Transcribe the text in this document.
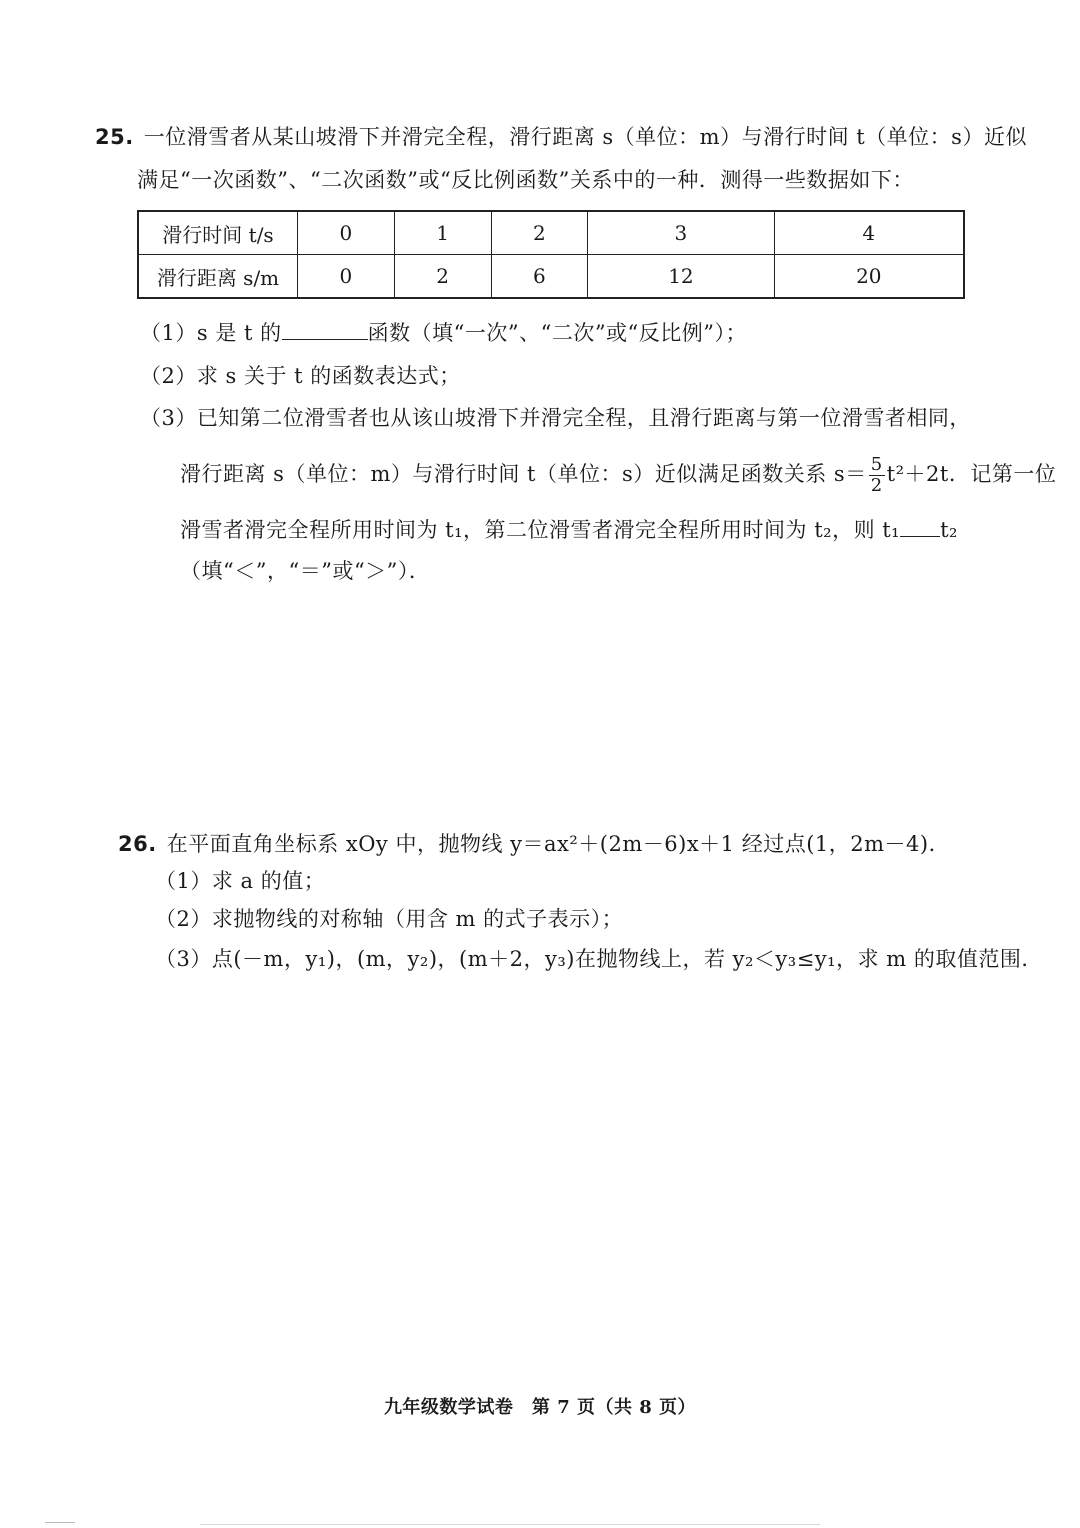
25. 一位滑雪者从某山坡滑下并滑完全程，滑行距离 s（单位：m）与滑行时间 t（单位：s）近似
满足“一次函数”、“二次函数”或“反比例函数”关系中的一种．测得一些数据如下：
滑行时间 t/s	0	1	2	3	4
滑行距离 s/m	0	2	6	12	20
（1）s 是 t 的	函数（填“一次”、“二次”或“反比例”）；
（2）求 s 关于 t 的函数表达式；
（3）已知第二位滑雪者也从该山坡滑下并滑完全程，且滑行距离与第一位滑雪者相同，
滑行距离 s（单位：m）与滑行时间 t（单位：s）近似满足函数关系 $s= \frac{5}{2} t^2+2t$．记第一位
滑雪者滑完全程所用时间为 t₁，第二位滑雪者滑完全程所用时间为 t₂，则 t₁ t₂
（填“＜”，“＝”或“＞”）．
26. 在平面直角坐标系 xOy 中，抛物线 y＝ax²＋(2m－6)x＋1 经过点(1，2m－4)．
（1）求 a 的值；
（2）求抛物线的对称轴（用含 m 的式子表示）；
（3）点(－m，y₁)，(m，y₂)，(m＋2，y₃)在抛物线上，若 y₂＜y₃≤y₁，求 m 的取值范围．
九年级数学试卷　第 7 页（共 8 页）
